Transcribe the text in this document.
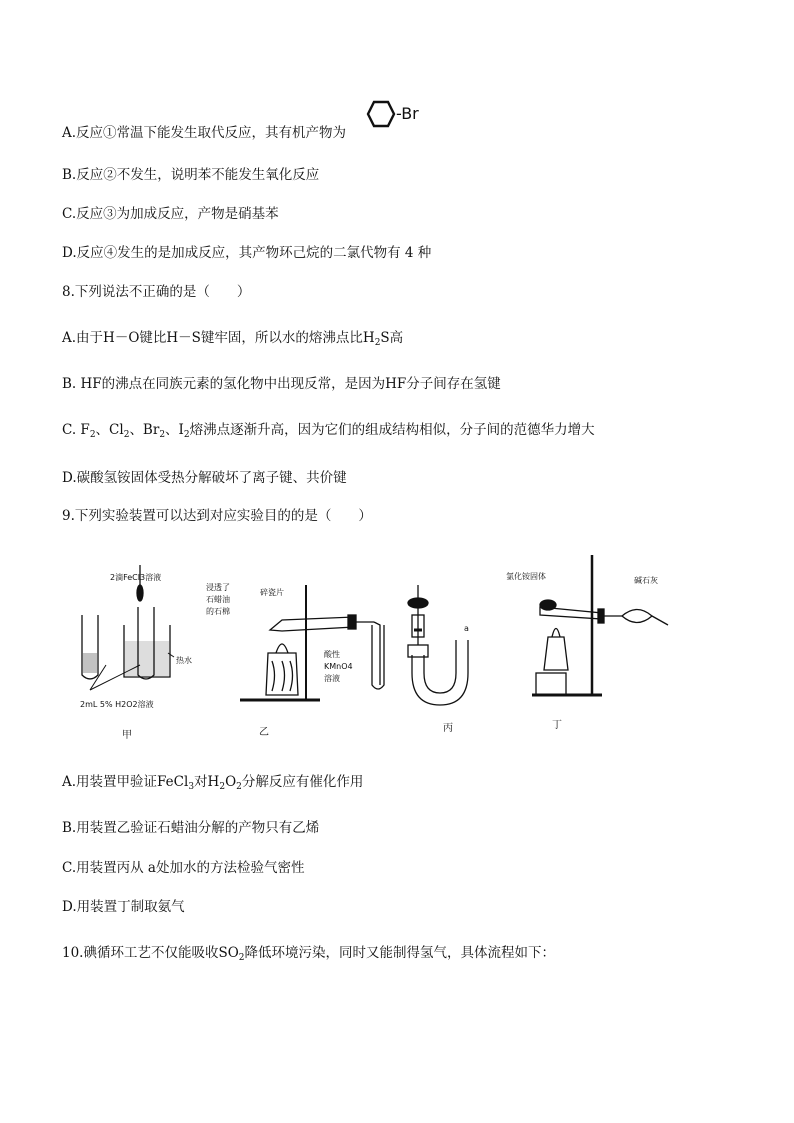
A.反应①常温下能发生取代反应，其有机产物为
-Br
B.反应②不发生，说明苯不能发生氧化反应
C.反应③为加成反应，产物是硝基苯
D.反应④发生的是加成反应，其产物环己烷的二氯代物有 4 种
8.下列说法不正确的是（　　）
A.由于H－O键比H－S键牢固，所以水的熔沸点比$H_2S$高
B. HF的沸点在同族元素的氢化物中出现反常，是因为HF分子间存在氢键
C. $F_2$、$Cl_2$、$Br_2$、$I_2$熔沸点逐渐升高，因为它们的组成结构相似，分子间的范德华力增大
D.碳酸氢铵固体受热分解破坏了离子键、共价键
9.下列实验装置可以达到对应实验目的的是（　　）
2滴FeCl3溶液
热水
2mL 5% H2O2溶液
甲
浸透了
石蜡油
的石棉
碎瓷片
酸性
KMnO4
溶液
乙
a
丙
氯化铵固体	碱石灰
丁
A.用装置甲验证FeCl$_3$对$H_2O_2$分解反应有催化作用
B.用装置乙验证石蜡油分解的产物只有乙烯
C.用装置丙从 a处加水的方法检验气密性
D.用装置丁制取氨气
10.碘循环工艺不仅能吸收$SO_2$降低环境污染，同时又能制得氢气，具体流程如下：
